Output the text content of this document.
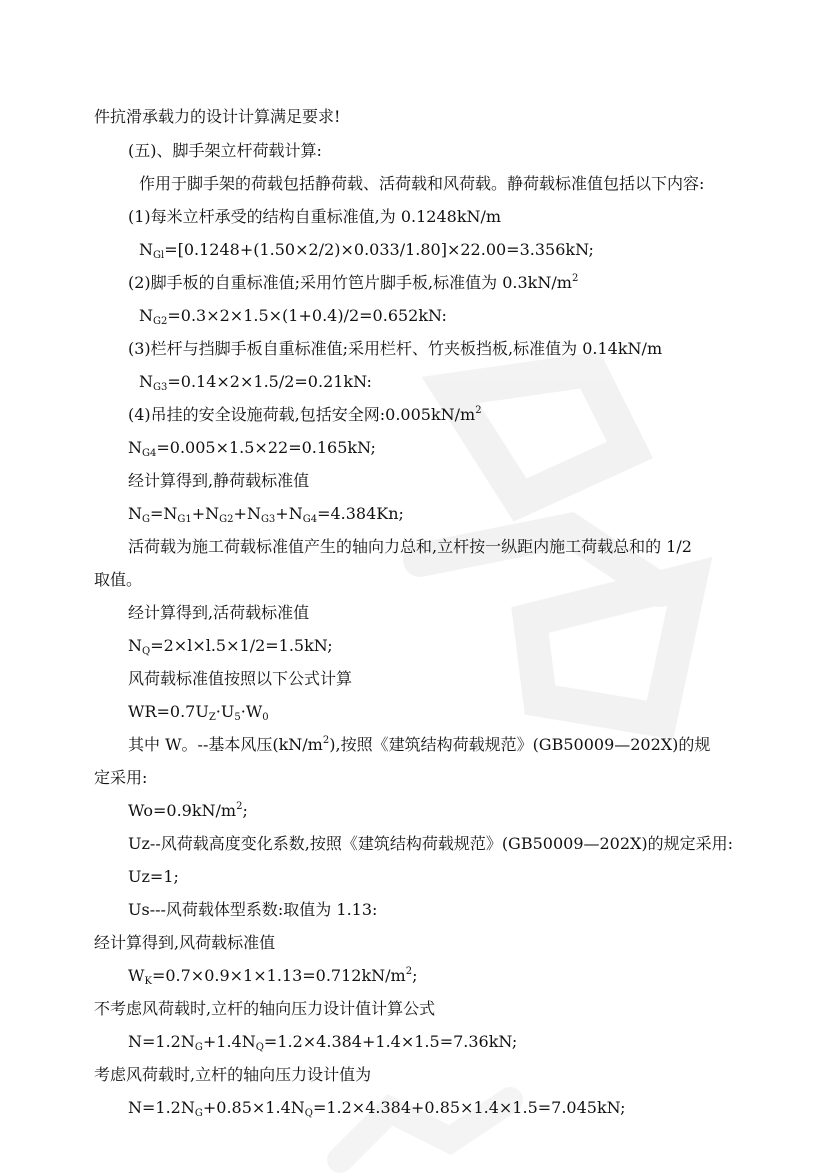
件抗滑承载力的设计计算满足要求!
(五)、脚手架立杆荷载计算:
作用于脚手架的荷载包括静荷载、活荷载和风荷载。静荷载标准值包括以下内容:
(1)每米立杆承受的结构自重标准值,为 0.1248kN/m
$N_{Gl}=[0.1248+(1.50\times 2/2)\times 0.033/1.80]\times 22.00=3.356kN$;
(2)脚手板的自重标准值;采用竹笆片脚手板,标准值为 $0.3kN/m^2$
$N_{G2}=0.3\times 2\times 1.5\times(1+0.4)/2=0.652kN$:
(3)栏杆与挡脚手板自重标准值;采用栏杆、竹夹板挡板,标准值为 0.14kN/m
$N_{G3}=0.14\times 2\times 1.5/2=0.21kN$:
(4)吊挂的安全设施荷载,包括安全网$:0.005kN/m^2$
$N_{G4}=0.005\times 1.5\times 22=0.165kN$;
经计算得到,静荷载标准值
$N_G=N_{G1}+N_{G2}+N_{G3}+N_{G4}=4.384Kn$;
活荷载为施工荷载标准值产生的轴向力总和,立杆按一纵距内施工荷载总和的 1/2
取值。
经计算得到,活荷载标准值
$N_Q=2\times l\times l.5\times 1/2=1.5kN$;
风荷载标准值按照以下公式计算
$WR=0.7U_Z\cdot U_5\cdot W_0$
其中 W。--基本风压$(kN/m^2)$,按照《建筑结构荷载规范》(GB50009—202X)的规
定采用:
$Wo=0.9kN/m^2$;
Uz--风荷载高度变化系数,按照《建筑结构荷载规范》(GB50009—202X)的规定采用:
Uz=1;
Us---风荷载体型系数:取值为 1.13:
经计算得到,风荷载标准值
$W_K=0.7\times 0.9\times 1\times 1.13=0.712kN/m^2$;
不考虑风荷载时,立杆的轴向压力设计值计算公式
$N=1.2N_G+1.4N_Q=1.2\times 4.384+1.4\times 1.5=7.36kN$;
考虑风荷载时,立杆的轴向压力设计值为
$N=1.2N_G+0.85\times 1.4N_Q=1.2\times 4.384+0.85\times 1.4\times 1.5=7.045kN$;
